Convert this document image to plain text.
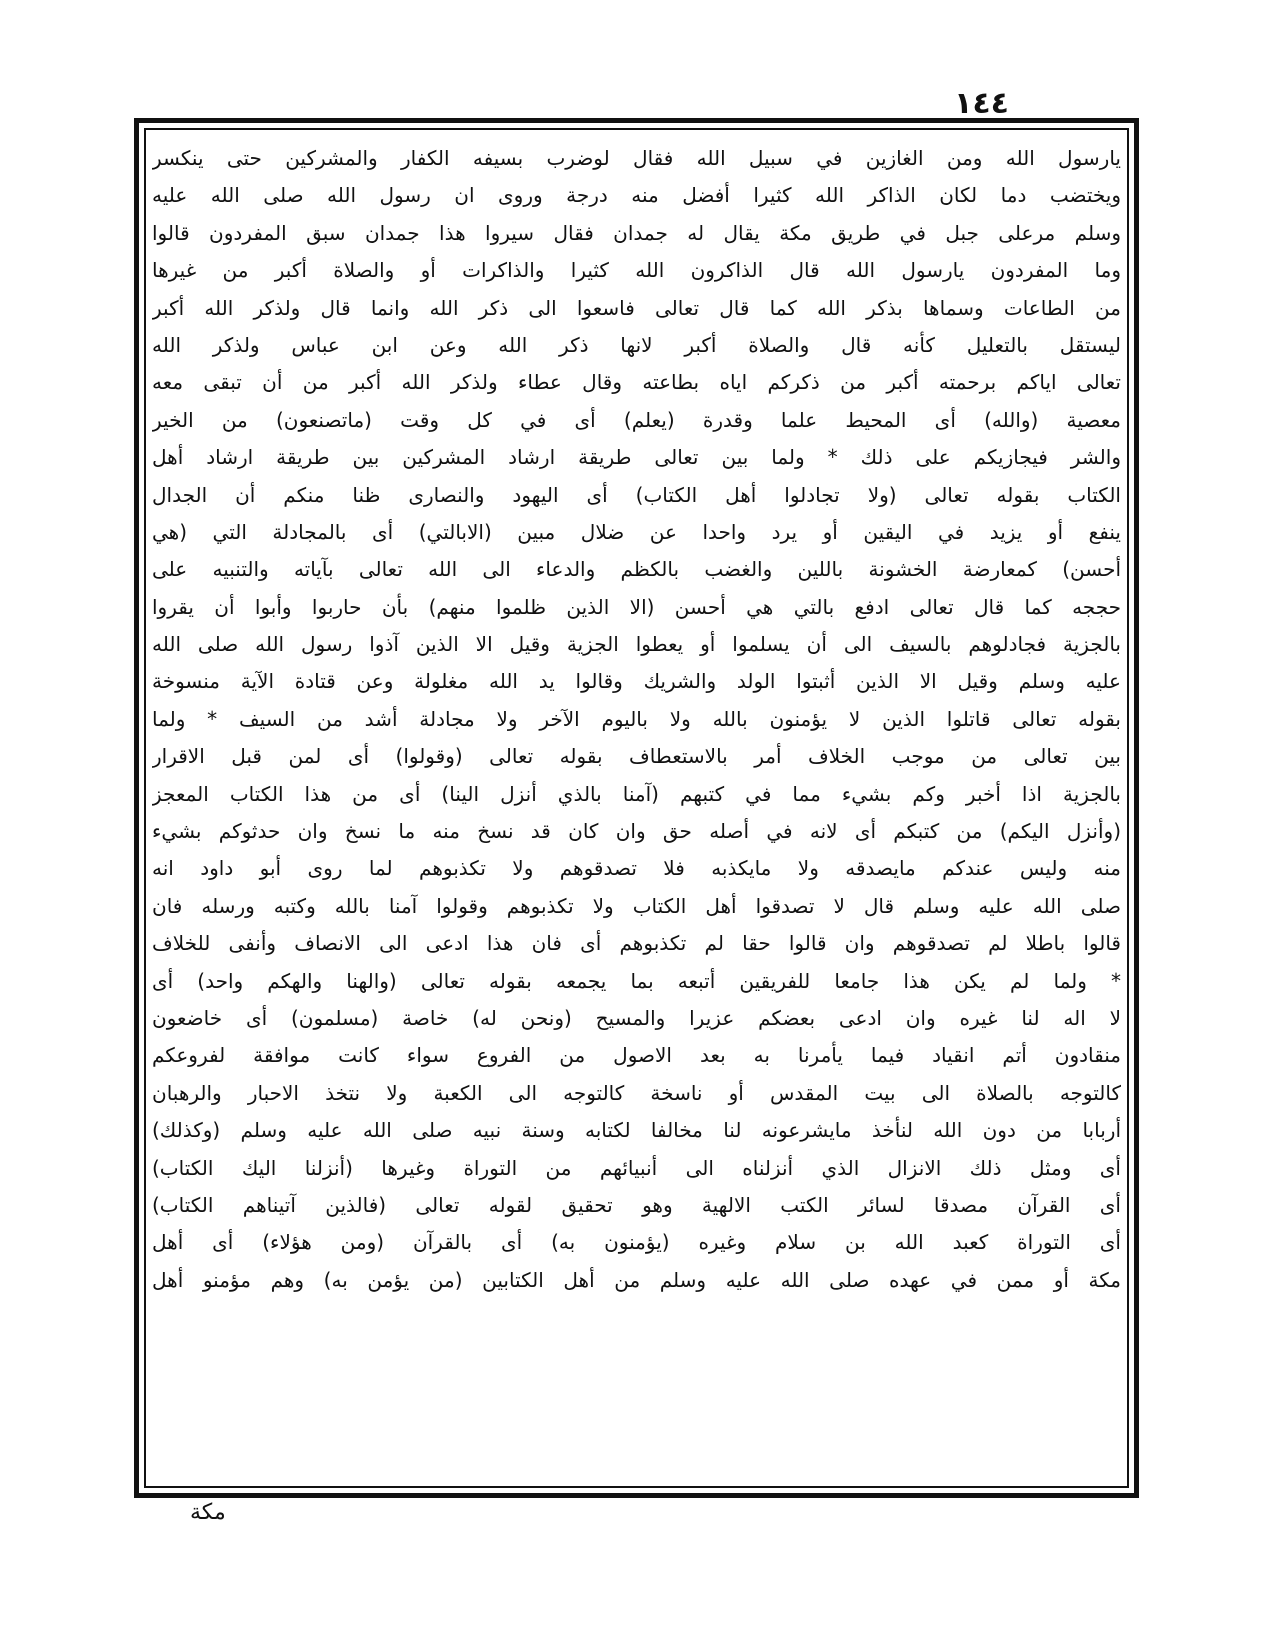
١٤٤
يارسول الله ومن الغازين في سبيل الله فقال لوضرب بسيفه الكفار والمشركين حتى ينكسر
ويختضب دما لكان الذاكر الله كثيرا أفضل منه درجة وروى ان رسول الله صلى الله عليه
وسلم مرعلى جبل في طريق مكة يقال له جمدان فقال سيروا هذا جمدان سبق المفردون قالوا
وما المفردون يارسول الله قال الذاكرون الله كثيرا والذاكرات أو والصلاة أكبر من غيرها
من الطاعات وسماها بذكر الله كما قال تعالى فاسعوا الى ذكر الله وانما قال ولذكر الله أكبر
ليستقل بالتعليل كأنه قال والصلاة أكبر لانها ذكر الله وعن ابن عباس ولذكر الله
تعالى اياكم برحمته أكبر من ذكركم اياه بطاعته وقال عطاء ولذكر الله أكبر من أن تبقى معه
معصية (والله) أى المحيط علما وقدرة (يعلم) أى في كل وقت (ماتصنعون) من الخير
والشر فيجازيكم على ذلك * ولما بين تعالى طريقة ارشاد المشركين بين طريقة ارشاد أهل
الكتاب بقوله تعالى (ولا تجادلوا أهل الكتاب) أى اليهود والنصارى ظنا منكم أن الجدال
ينفع أو يزيد في اليقين أو يرد واحدا عن ضلال مبين (الابالتي) أى بالمجادلة التي (هي
أحسن) كمعارضة الخشونة باللين والغضب بالكظم والدعاء الى الله تعالى بآياته والتنبيه على
حججه كما قال تعالى ادفع بالتي هي أحسن (الا الذين ظلموا منهم) بأن حاربوا وأبوا أن يقروا
بالجزية فجادلوهم بالسيف الى أن يسلموا أو يعطوا الجزية وقيل الا الذين آذوا رسول الله صلى الله
عليه وسلم وقيل الا الذين أثبتوا الولد والشريك وقالوا يد الله مغلولة وعن قتادة الآية منسوخة
بقوله تعالى قاتلوا الذين لا يؤمنون بالله ولا باليوم الآخر ولا مجادلة أشد من السيف * ولما
بين تعالى من موجب الخلاف أمر بالاستعطاف بقوله تعالى (وقولوا) أى لمن قبل الاقرار
بالجزية اذا أخبر وكم بشيء مما في كتبهم (آمنا بالذي أنزل الينا) أى من هذا الكتاب المعجز
(وأنزل اليكم) من كتبكم أى لانه في أصله حق وان كان قد نسخ منه ما نسخ وان حدثوكم بشيء
منه وليس عندكم مايصدقه ولا مايكذبه فلا تصدقوهم ولا تكذبوهم لما روى أبو داود انه
صلى الله عليه وسلم قال لا تصدقوا أهل الكتاب ولا تكذبوهم وقولوا آمنا بالله وكتبه ورسله فان
قالوا باطلا لم تصدقوهم وان قالوا حقا لم تكذبوهم أى فان هذا ادعى الى الانصاف وأنفى للخلاف
* ولما لم يكن هذا جامعا للفريقين أتبعه بما يجمعه بقوله تعالى (والهنا والهكم واحد) أى
لا اله لنا غيره وان ادعى بعضكم عزيرا والمسيح (ونحن له) خاصة (مسلمون) أى خاضعون
منقادون أتم انقياد فيما يأمرنا به بعد الاصول من الفروع سواء كانت موافقة لفروعكم
كالتوجه بالصلاة الى بيت المقدس أو ناسخة كالتوجه الى الكعبة ولا نتخذ الاحبار والرهبان
أربابا من دون الله لنأخذ مايشرعونه لنا مخالفا لكتابه وسنة نبيه صلى الله عليه وسلم (وكذلك)
أى ومثل ذلك الانزال الذي أنزلناه الى أنبيائهم من التوراة وغيرها (أنزلنا اليك الكتاب)
أى القرآن مصدقا لسائر الكتب الالهية وهو تحقيق لقوله تعالى (فالذين آتيناهم الكتاب)
أى التوراة كعبد الله بن سلام وغيره (يؤمنون به) أى بالقرآن (ومن هؤلاء) أى أهل
مكة أو ممن في عهده صلى الله عليه وسلم من أهل الكتابين (من يؤمن به) وهم مؤمنو أهل
مكة
